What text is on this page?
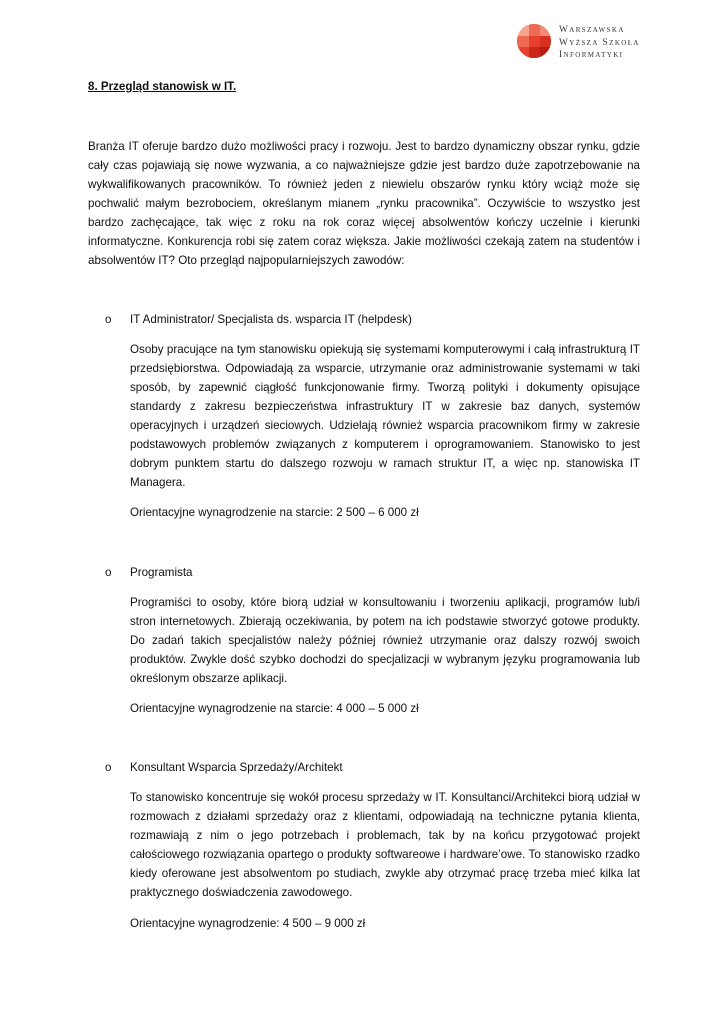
Warszawska
Wyższa Szkoła
Informatyki
8. Przegląd stanowisk w IT.

Branża IT oferuje bardzo dużo możliwości pracy i rozwoju. Jest to bardzo dynamiczny obszar rynku, gdzie cały czas pojawiają się nowe wyzwania, a co najważniejsze gdzie jest bardzo duże zapotrzebowanie na wykwalifikowanych pracowników. To również jeden z niewielu obszarów rynku który wciąż może się pochwalić małym bezrobociem, określanym mianem „rynku pracownika”. Oczywiście to wszystko jest bardzo zachęcające, tak więc z roku na rok coraz więcej absolwentów kończy uczelnie i kierunki informatyczne. Konkurencja robi się zatem coraz większa. Jakie możliwości czekają zatem na studentów i absolwentów IT? Oto przegląd najpopularniejszych zawodów:

o IT Administrator/ Specjalista ds. wsparcia IT (helpdesk)

Osoby pracujące na tym stanowisku opiekują się systemami komputerowymi i całą infrastrukturą IT przedsiębiorstwa. Odpowiadają za wsparcie, utrzymanie oraz administrowanie systemami w taki sposób, by zapewnić ciągłość funkcjonowanie firmy. Tworzą polityki i dokumenty opisujące standardy z zakresu bezpieczeństwa infrastruktury IT w zakresie baz danych, systemów operacyjnych i urządzeń sieciowych. Udzielają również wsparcia pracownikom firmy w zakresie podstawowych problemów związanych z komputerem i oprogramowaniem. Stanowisko to jest dobrym punktem startu do dalszego rozwoju w ramach struktur IT, a więc np. stanowiska IT Managera.

Orientacyjne wynagrodzenie na starcie: 2 500 – 6 000 zł
o Programista

Programiści to osoby, które biorą udział w konsultowaniu i tworzeniu aplikacji, programów lub/i stron internetowych. Zbierają oczekiwania, by potem na ich podstawie stworzyć gotowe produkty. Do zadań takich specjalistów należy później również utrzymanie oraz dalszy rozwój swoich produktów. Zwykle dość szybko dochodzi do specjalizacji w wybranym języku programowania lub określonym obszarze aplikacji.

Orientacyjne wynagrodzenie na starcie: 4 000 – 5 000 zł
o Konsultant Wsparcia Sprzedaży/Architekt

To stanowisko koncentruje się wokół procesu sprzedaży w IT. Konsultanci/Architekci biorą udział w rozmowach z działami sprzedaży oraz z klientami, odpowiadają na techniczne pytania klienta, rozmawiają z nim o jego potrzebach i problemach, tak by na końcu przygotować projekt całościowego rozwiązania opartego o produkty softwareowe i hardware’owe. To stanowisko rzadko kiedy oferowane jest absolwentom po studiach, zwykle aby otrzymać pracę trzeba mieć kilka lat praktycznego doświadczenia zawodowego.

Orientacyjne wynagrodzenie: 4 500 – 9 000 zł
